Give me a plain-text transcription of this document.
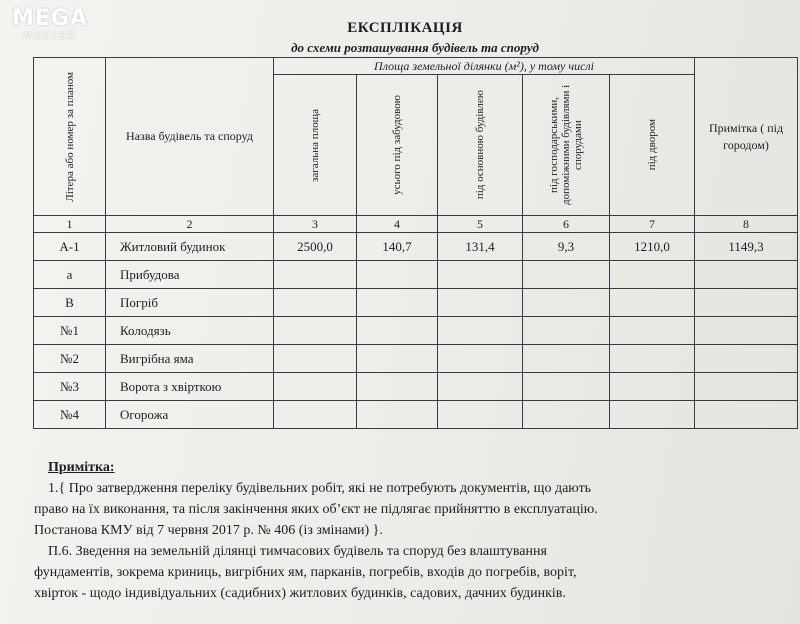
MEGA
MAKLER
ЕКСПЛІКАЦІЯ
до схеми розташування будівель та споруд
Літера або номер за планом	Назва будівель та споруд	Площа земельної ділянки (м²), у тому числі					Примітка ( під городом)

		загальна площа	усього під забудовою	під основною будівлею	під господарськими, допоміжними будівлями і спорудами	під двором	

1	2	3	4	5	6	7	8
А-1	Житловий будинок	2500,0	140,7	131,4	9,3	1210,0	1149,3
а	Прибудова						
В	Погріб						
№1	Колодязь						
№2	Вигрібна яма						
№3	Ворота з хвірткою						
№4	Огорожа						

Примітка:

1.{ Про затвердження переліку будівельних робіт, які не потребують документів, що дають

право на їх виконання, та після закінчення яких об’єкт не підлягає прийняттю в експлуатацію.

Постанова КМУ від 7 червня 2017 р. № 406 (із змінами) }.

П.6. Зведення на земельній ділянці тимчасових будівель та споруд без влаштування

фундаментів, зокрема криниць, вигрібних ям, парканів, погребів, входів до погребів, воріт,

хвірток - щодо індивідуальних (садибних) житлових будинків, садових, дачних будинків.
